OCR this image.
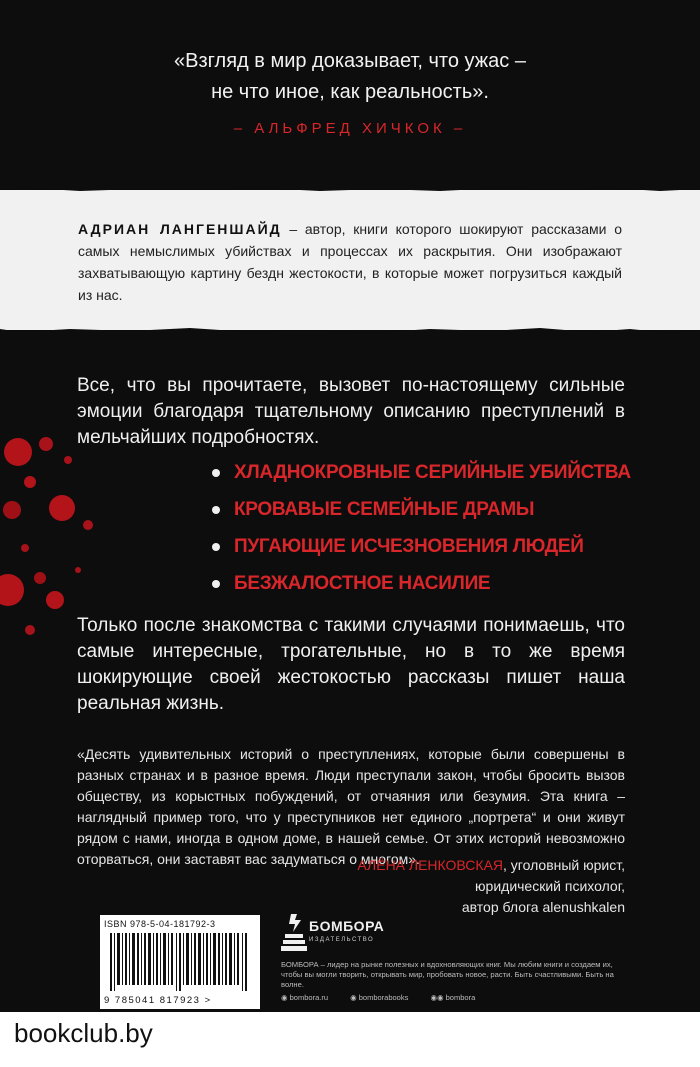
«Взгляд в мир доказывает, что ужас –
не что иное, как реальность».
– АЛЬФРЕД ХИЧКОК –
АДРИАН ЛАНГЕНШАЙД – автор, книги которого шокируют рассказами о самых немыслимых убийствах и процессах их раскрытия. Они изображают захватывающую картину бездн жестокости, в которые может погрузиться каждый из нас.
Все, что вы прочитаете, вызовет по-настоящему сильные эмоции благодаря тщательному описанию преступлений в мельчайших подробностях.
ХЛАДНОКРОВНЫЕ СЕРИЙНЫЕ УБИЙСТВА
КРОВАВЫЕ СЕМЕЙНЫЕ ДРАМЫ
ПУГАЮЩИЕ ИСЧЕЗНОВЕНИЯ ЛЮДЕЙ
БЕЗЖАЛОСТНОЕ НАСИЛИЕ
Только после знакомства с такими случаями понимаешь, что самые интересные, трогательные, но в то же время шокирующие своей жестокостью рассказы пишет наша реальная жизнь.
«Десять удивительных историй о преступлениях, которые были совершены в разных странах и в разное время. Люди преступали закон, чтобы бросить вызов обществу, из корыстных побуждений, от отчаяния или безумия. Эта книга – наглядный пример того, что у преступников нет единого „портрета“ и они живут рядом с нами, иногда в одном доме, в нашей семье. От этих историй невозможно оторваться, они заставят вас задуматься о многом».
АЛЁНА ЛЕНКОВСКАЯ, уголовный юрист,
юридический психолог,
автор блога alenushkalen
ISBN 978-5-04-181792-3
9 785041 817923 >
БОМБОРА
ИЗДАТЕЛЬСТВО
БОМБОРА – лидер на рынке полезных и вдохновляющих книг. Мы любим книги и создаем их, чтобы вы могли творить, открывать мир, пробовать новое, расти. Быть счастливыми. Быть на волне.
◉ bombora.ru	◉ bomborabooks	◉◉ bombora
bookclub.by
